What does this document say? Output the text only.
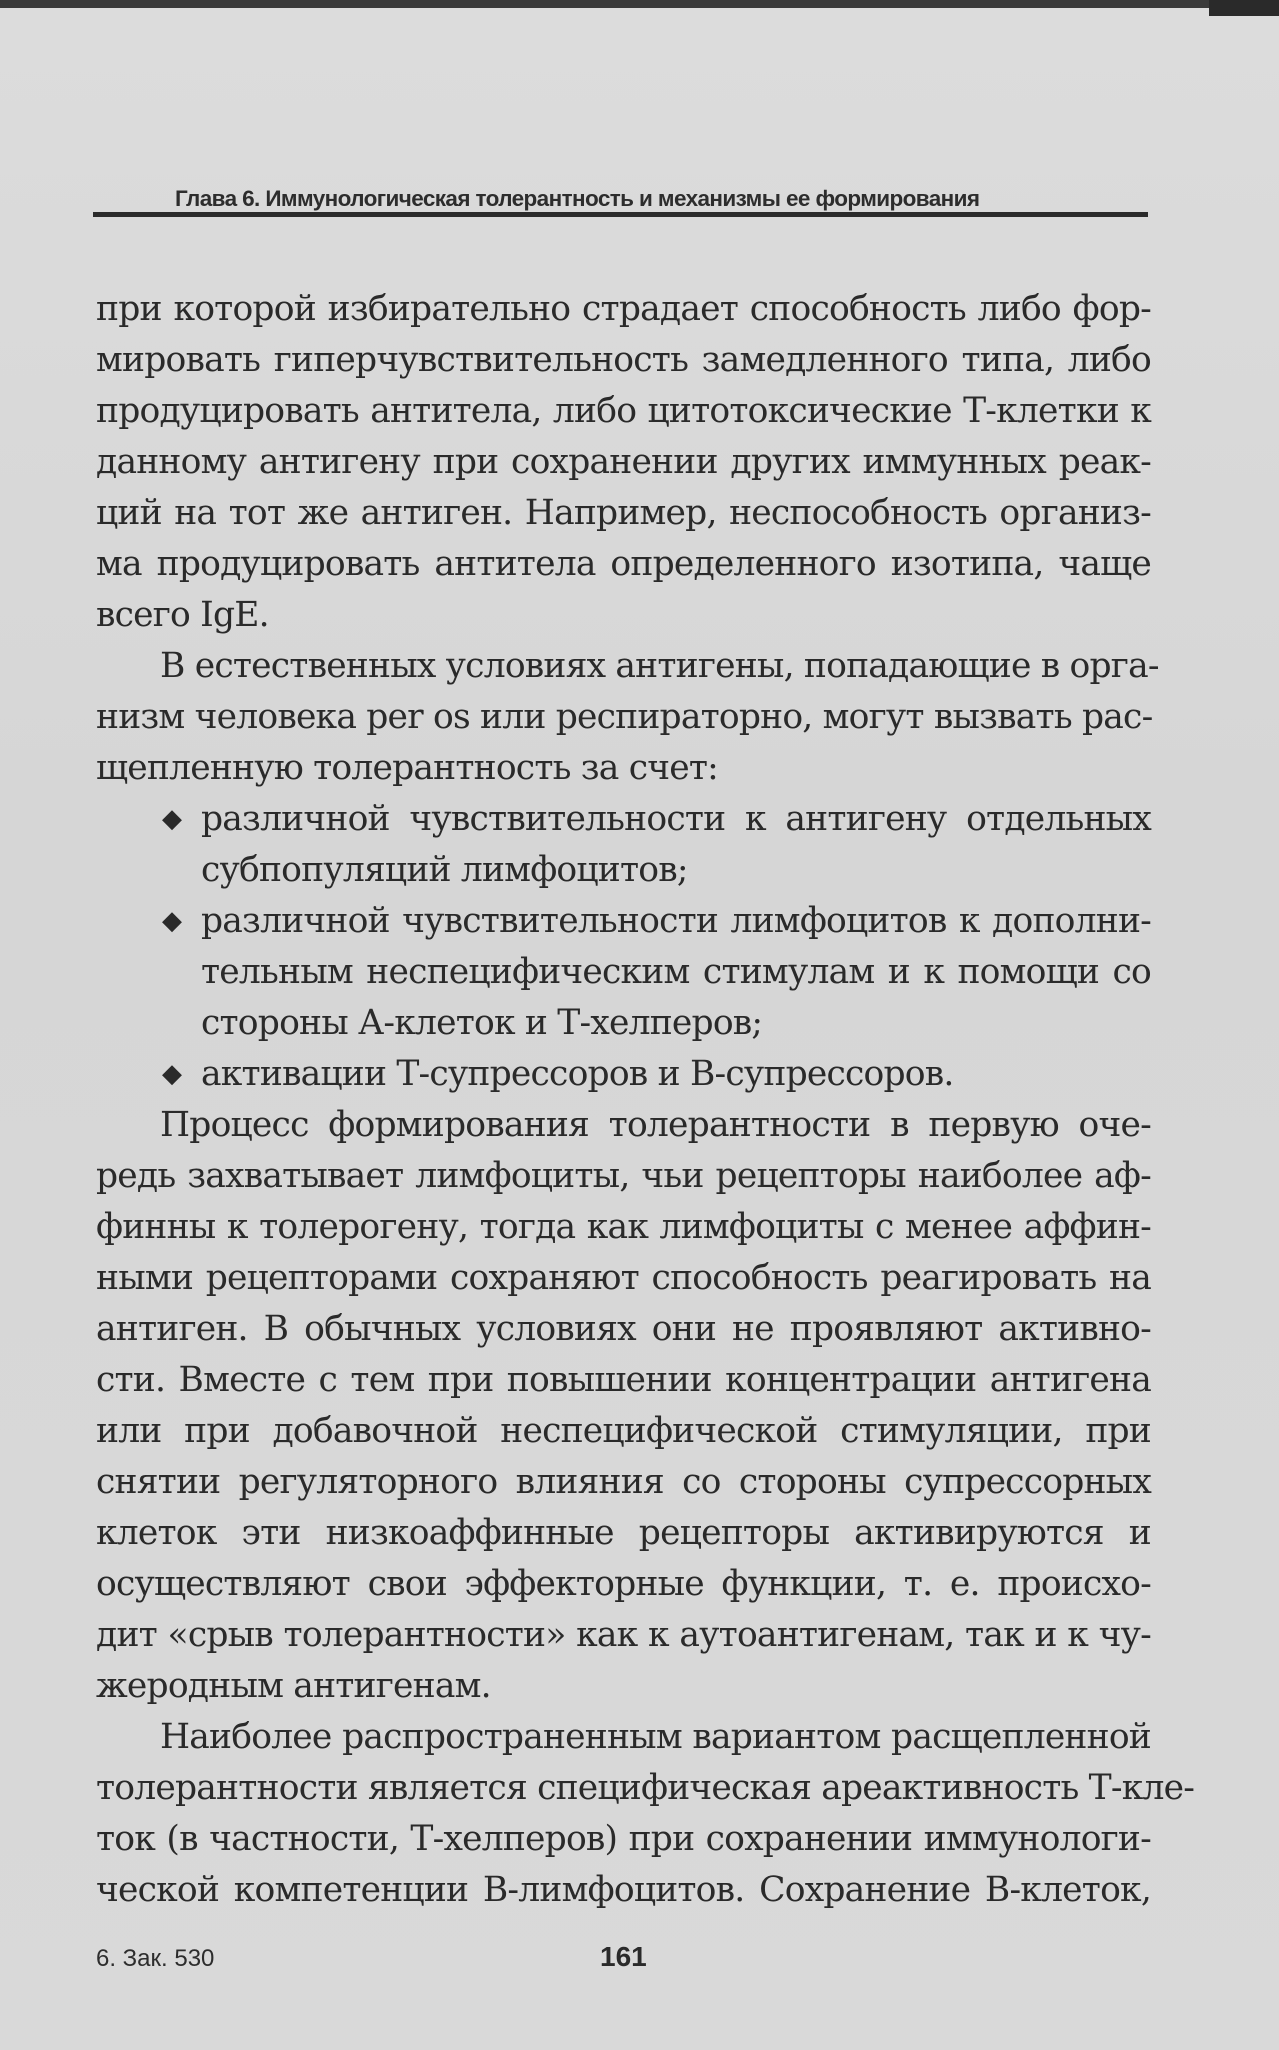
Глава 6. Иммунологическая толерантность и механизмы ее формирования
при которой избирательно страдает способность либо фор-
мировать гиперчувствительность замедленного типа, либо
продуцировать антитела, либо цитотоксические Т-клетки к
данному антигену при сохранении других иммунных реак-
ций на тот же антиген. Например, неспособность организ-
ма продуцировать антитела определенного изотипа, чаще
всего IgE.
В естественных условиях антигены, попадающие в орга-
низм человека per os или респираторно, могут вызвать рас-
щепленную толерантность за счет:
◆ различной чувствительности к антигену отдельных
субпопуляций лимфоцитов;
◆ различной чувствительности лимфоцитов к дополни-
тельным неспецифическим стимулам и к помощи со
стороны А-клеток и Т-хелперов;
◆ активации Т-супрессоров и В-супрессоров.
Процесс формирования толерантности в первую оче-
редь захватывает лимфоциты, чьи рецепторы наиболее аф-
финны к толерогену, тогда как лимфоциты с менее аффин-
ными рецепторами сохраняют способность реагировать на
антиген. В обычных условиях они не проявляют активно-
сти. Вместе с тем при повышении концентрации антигена
или при добавочной неспецифической стимуляции, при
снятии регуляторного влияния со стороны супрессорных
клеток эти низкоаффинные рецепторы активируются и
осуществляют свои эффекторные функции, т. е. происхо-
дит «срыв толерантности» как к аутоантигенам, так и к чу-
жеродным антигенам.
Наиболее распространенным вариантом расщепленной
толерантности является специфическая ареактивность Т-кле-
ток (в частности, Т-хелперов) при сохранении иммунологи-
ческой компетенции В-лимфоцитов. Сохранение В-клеток,
6. Зак. 530	161
